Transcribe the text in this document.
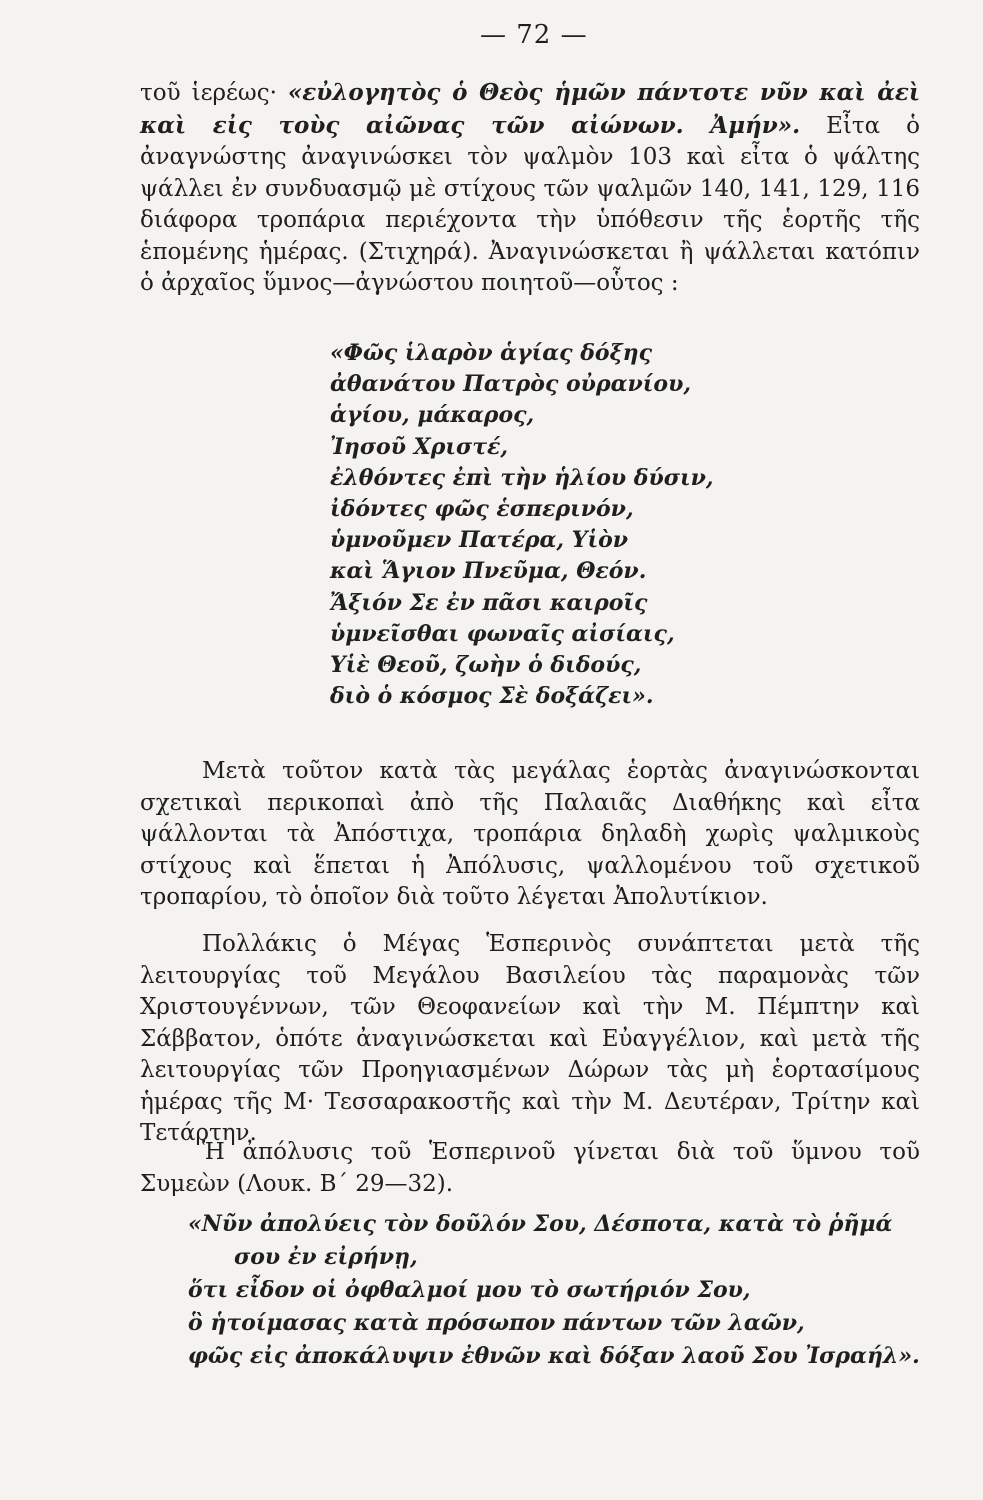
— 72 —

τοῦ ἱερέως· «εὐλογητὸς ὁ Θεὸς ἡμῶν πάντοτε νῦν καὶ ἀεὶ καὶ εἰς τοὺς αἰῶνας τῶν αἰώνων. Ἀμήν». Εἶτα ὁ ἀναγνώστης ἀναγινώσκει τὸν ψαλμὸν 103 καὶ εἶτα ὁ ψάλτης ψάλλει ἐν συνδυασμῷ μὲ στίχους τῶν ψαλμῶν 140, 141, 129, 116 διάφορα τροπάρια περιέχοντα τὴν ὑπόθεσιν τῆς ἑορτῆς τῆς ἑπομένης ἡμέρας. (Στιχηρά). Ἀναγινώσκεται ἢ ψάλλεται κατόπιν ὁ ἀρχαῖος ὕμνος—ἀγνώστου ποιητοῦ—οὗτος :

«Φῶς ἱλαρὸν ἁγίας δόξης
ἀθανάτου Πατρὸς οὐρανίου,
ἁγίου, μάκαρος,
Ἰησοῦ Χριστέ,
ἐλθόντες ἐπὶ τὴν ἡλίου δύσιν,
ἰδόντες φῶς ἑσπερινόν,
ὑμνοῦμεν Πατέρα, Υἱὸν
καὶ Ἅγιον Πνεῦμα, Θεόν.
Ἄξιόν Σε ἐν πᾶσι καιροῖς
ὑμνεῖσθαι φωναῖς αἰσίαις,
Υἱὲ Θεοῦ, ζωὴν ὁ διδούς,
διὸ ὁ κόσμος Σὲ δοξάζει».

Μετὰ τοῦτον κατὰ τὰς μεγάλας ἑορτὰς ἀναγινώσκονται σχετικαὶ περικοπαὶ ἀπὸ τῆς Παλαιᾶς Διαθήκης καὶ εἶτα ψάλλονται τὰ Ἀπόστιχα, τροπάρια δηλαδὴ χωρὶς ψαλμικοὺς στίχους καὶ ἕπεται ἡ Ἀπόλυσις, ψαλλομένου τοῦ σχετικοῦ τροπαρίου, τὸ ὁποῖον διὰ τοῦτο λέγεται Ἀπολυτίκιον.

Πολλάκις ὁ Μέγας Ἑσπερινὸς συνάπτεται μετὰ τῆς λειτουργίας τοῦ Μεγάλου Βασιλείου τὰς παραμονὰς τῶν Χριστουγέννων, τῶν Θεοφανείων καὶ τὴν Μ. Πέμπτην καὶ Σάββατον, ὁπότε ἀναγινώσκεται καὶ Εὐαγγέλιον, καὶ μετὰ τῆς λειτουργίας τῶν Προηγιασμένων Δώρων τὰς μὴ ἑορτασίμους ἡμέρας τῆς Μ· Τεσσαρακοστῆς καὶ τὴν Μ. Δευτέραν, Τρίτην καὶ Τετάρτην.

Ἡ ἀπόλυσις τοῦ Ἑσπερινοῦ γίνεται διὰ τοῦ ὕμνου τοῦ Συμεὼν (Λουκ. Β´ 29—32).

«Νῦν ἀπολύεις τὸν δοῦλόν Σου, Δέσποτα, κατὰ τὸ ῥῆμά
σου ἐν εἰρήνῃ,
ὅτι εἶδον οἱ ὀφθαλμοί μου τὸ σωτήριόν Σου,
ὃ ἡτοίμασας κατὰ πρόσωπον πάντων τῶν λαῶν,
φῶς εἰς ἀποκάλυψιν ἐθνῶν καὶ δόξαν λαοῦ Σου Ἰσραήλ».
